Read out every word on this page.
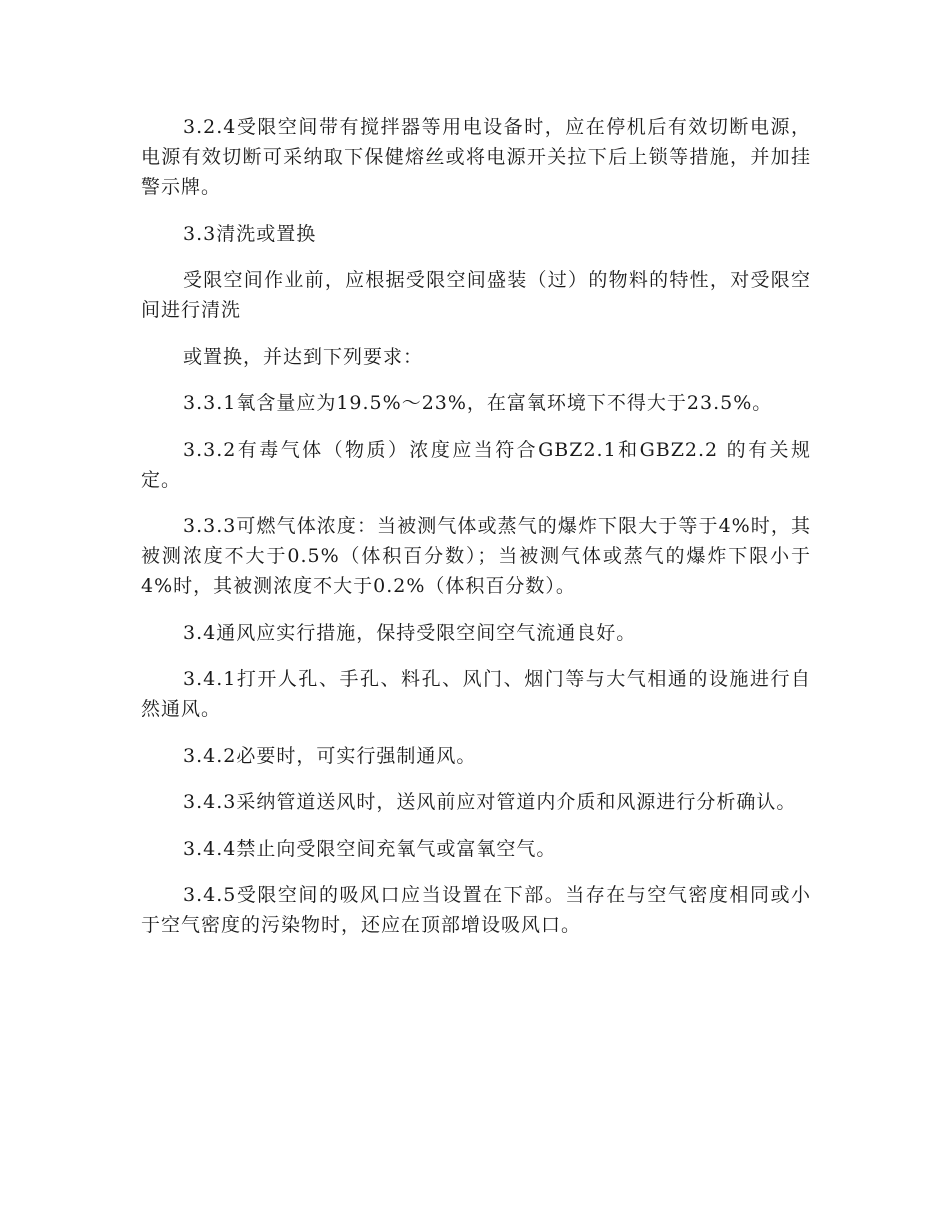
3.2.4受限空间带有搅拌器等用电设备时，应在停机后有效切断电源，电源有效切断可采纳取下保健熔丝或将电源开关拉下后上锁等措施，并加挂警示牌。

3.3清洗或置换

受限空间作业前，应根据受限空间盛装（过）的物料的特性，对受限空间进行清洗

或置换，并达到下列要求：

3.3.1氧含量应为19.5%～23%，在富氧环境下不得大于23.5%。

3.3.2有毒气体（物质）浓度应当符合GBZ2.1和GBZ2.2 的有关规定。

3.3.3可燃气体浓度：当被测气体或蒸气的爆炸下限大于等于4%时，其被测浓度不大于0.5%（体积百分数）；当被测气体或蒸气的爆炸下限小于4%时，其被测浓度不大于0.2%（体积百分数）。

3.4通风应实行措施，保持受限空间空气流通良好。

3.4.1打开人孔、手孔、料孔、风门、烟门等与大气相通的设施进行自然通风。

3.4.2必要时，可实行强制通风。

3.4.3采纳管道送风时，送风前应对管道内介质和风源进行分析确认。

3.4.4禁止向受限空间充氧气或富氧空气。

3.4.5受限空间的吸风口应当设置在下部。当存在与空气密度相同或小于空气密度的污染物时，还应在顶部增设吸风口。
